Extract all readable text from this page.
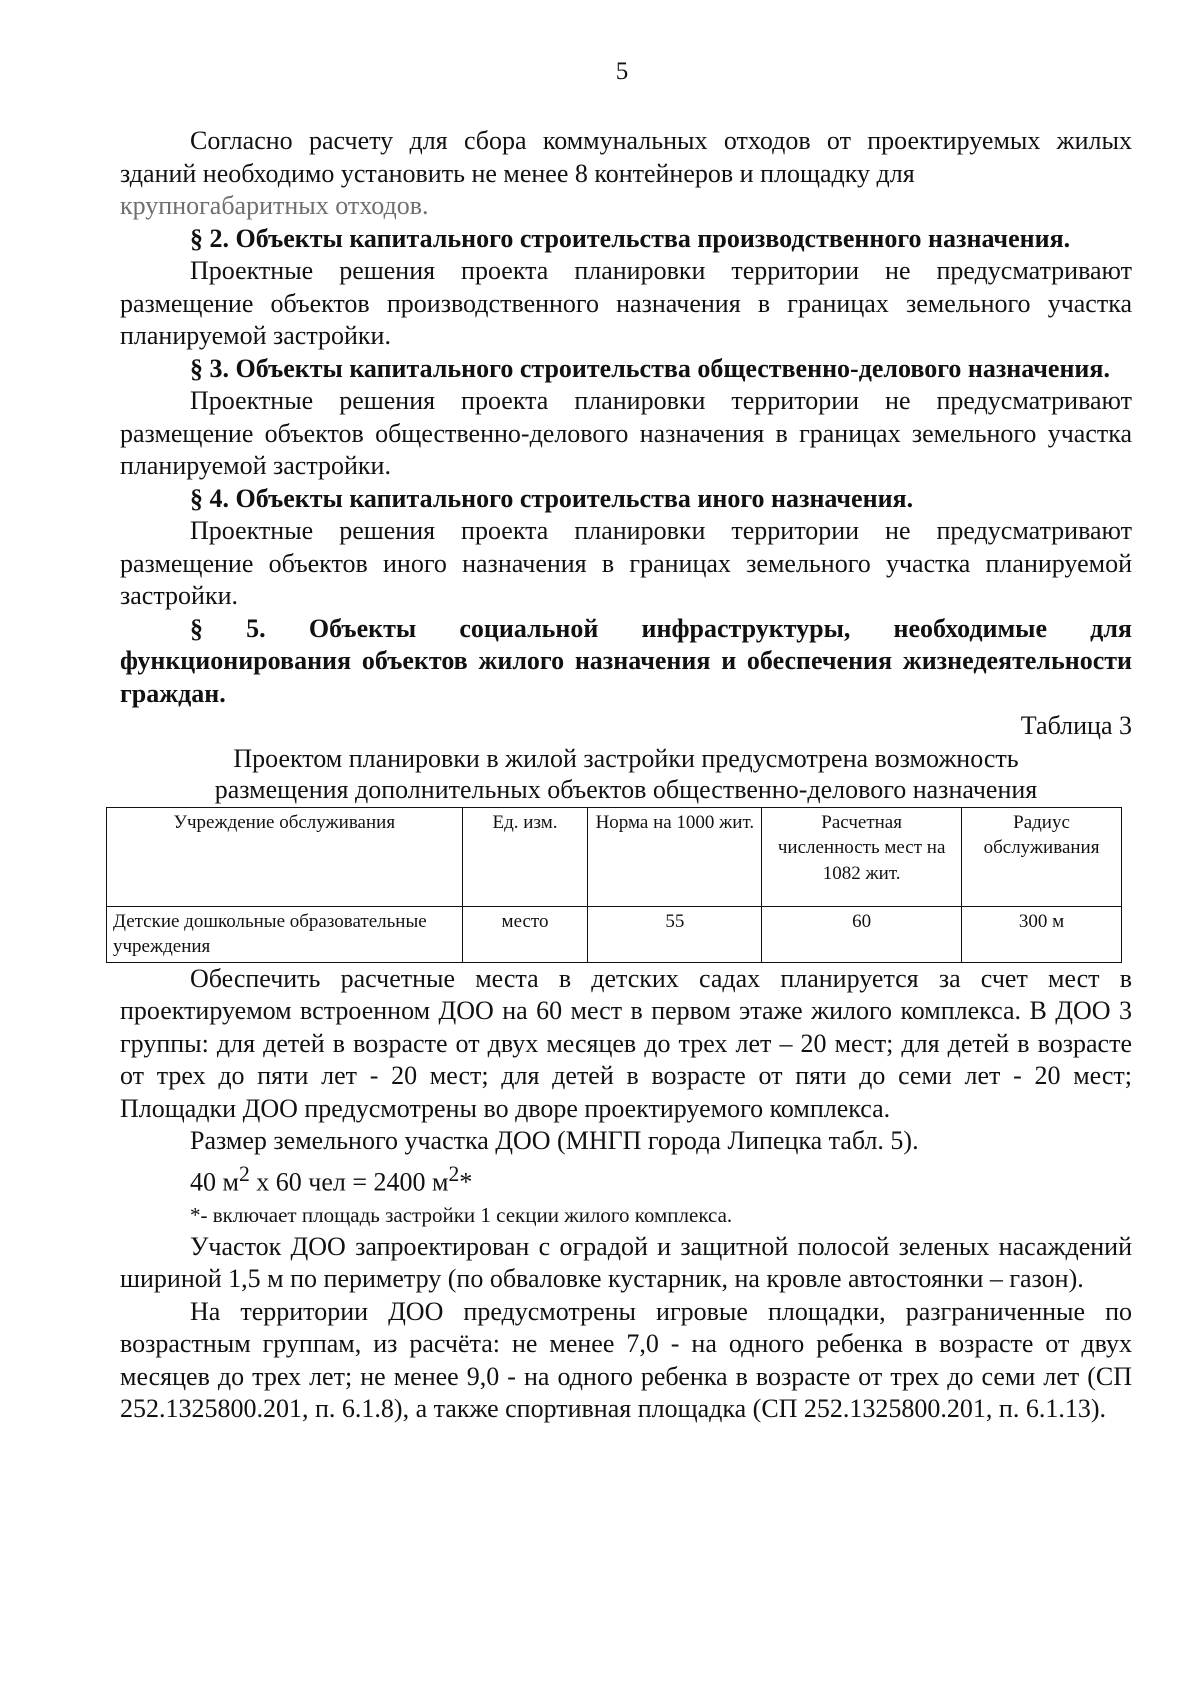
5

Согласно расчету для сбора коммунальных отходов от проектируемых жилых зданий необходимо установить не менее 8 контейнеров и площадку для

крупногабаритных отходов.

§ 2. Объекты капитального строительства производственного назначения.

Проектные решения проекта планировки территории не предусматривают размещение объектов производственного назначения в границах земельного участка планируемой застройки.

§ 3. Объекты капитального строительства общественно-делового назначения.

Проектные решения проекта планировки территории не предусматривают размещение объектов общественно-делового назначения в границах земельного участка планируемой застройки.

§ 4. Объекты капитального строительства иного назначения.

Проектные решения проекта планировки территории не предусматривают размещение объектов иного назначения в границах земельного участка планируемой застройки.

§ 5. Объекты социальной инфраструктуры, необходимые для функционирования объектов жилого назначения и обеспечения жизнедеятельности граждан.

Таблица 3

Проектом планировки в жилой застройки предусмотрена возможность

размещения дополнительных объектов общественно-делового назначения

Учреждение обслуживания	Ед. изм.	Норма на 1000 жит.	Расчетная численность мест на 1082 жит.	Радиус обслуживания
Детские дошкольные образовательные учреждения	место	55	60	300 м

Обеспечить расчетные места в детских садах планируется за счет мест в проектируемом встроенном ДОО на 60 мест в первом этаже жилого комплекса. В ДОО 3 группы: для детей в возрасте от двух месяцев до трех лет – 20 мест; для детей в возрасте от трех до пяти лет - 20 мест; для детей в возрасте от пяти до семи лет - 20 мест; Площадки ДОО предусмотрены во дворе проектируемого комплекса.

Размер земельного участка ДОО (МНГП города Липецка табл. 5).

40 $м^2$ x 60 чел = 2400 $м^2*$

*- включает площадь застройки 1 секции жилого комплекса.

Участок ДОО запроектирован с оградой и защитной полосой зеленых насаждений шириной 1,5 м по периметру (по обваловке кустарник, на кровле автостоянки – газон).

На территории ДОО предусмотрены игровые площадки, разграниченные по возрастным группам, из расчёта: не менее 7,0 - на одного ребенка в возрасте от двух месяцев до трех лет; не менее 9,0 - на одного ребенка в возрасте от трех до семи лет (СП 252.1325800.201, п. 6.1.8), а также спортивная площадка (СП 252.1325800.201, п. 6.1.13).
